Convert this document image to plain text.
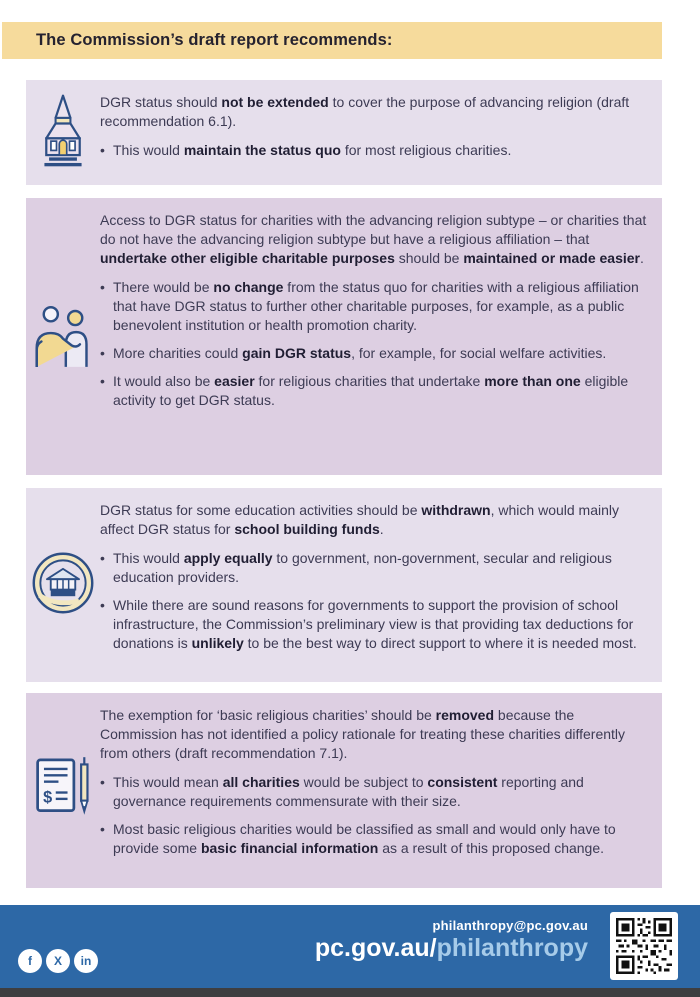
The Commission’s draft report recommends:

DGR status should not be extended to cover the purpose of advancing religion (draft recommendation 6.1).

• This would maintain the status quo for most religious charities.

Access to DGR status for charities with the advancing religion subtype – or charities that do not have the advancing religion subtype but have a religious affiliation – that undertake other eligible charitable purposes should be maintained or made easier.

• There would be no change from the status quo for charities with a religious affiliation that have DGR status to further other charitable purposes, for example, as a public benevolent institution or health promotion charity.
• More charities could gain DGR status, for example, for social welfare activities.
• It would also be easier for religious charities that undertake more than one eligible activity to get DGR status.

DGR status for some education activities should be withdrawn, which would mainly affect DGR status for school building funds.

• This would apply equally to government, non-government, secular and religious education providers.
• While there are sound reasons for governments to support the provision of school infrastructure, the Commission’s preliminary view is that providing tax deductions for donations is unlikely to be the best way to direct support to where it is needed most.
$

The exemption for ‘basic religious charities’ should be removed because the Commission has not identified a policy rationale for treating these charities differently from others (draft recommendation 7.1).

• This would mean all charities would be subject to consistent reporting and governance requirements commensurate with their size.
• Most basic religious charities would be classified as small and would only have to provide some basic financial information as a result of this proposed change.
f	X	in
philanthropy@pc.gov.au
pc.gov.au/philanthropy
